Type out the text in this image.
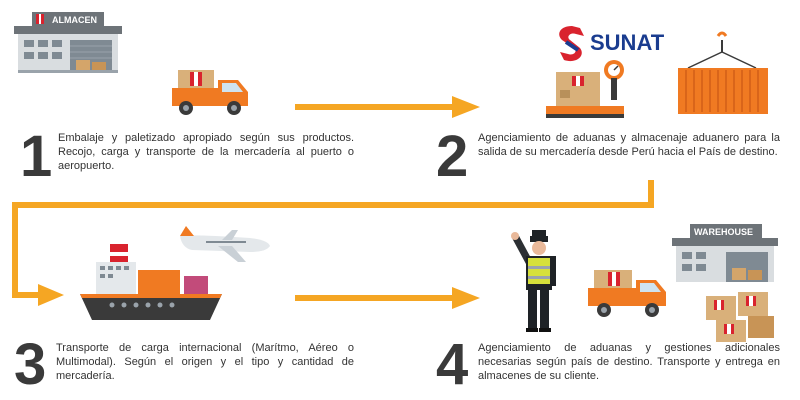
ALMACEN
WAREHOUSE
SUNAT
1 Embalaje y paletizado apropiado según sus productos. Recojo, carga y transporte de la mercadería al puerto o aeropuerto.	2 Agenciamiento de aduanas y almacenaje aduanero para la salida de su mercadería desde Perú hacia el País de destino.
3 Transporte de carga internacional (Marítmo, Aéreo o Multimodal). Según el origen y el tipo y cantidad de mercadería.	4 Agenciamiento de aduanas y gestiones adicionales necesarias según país de destino. Transporte y entrega en almacenes de su cliente.
